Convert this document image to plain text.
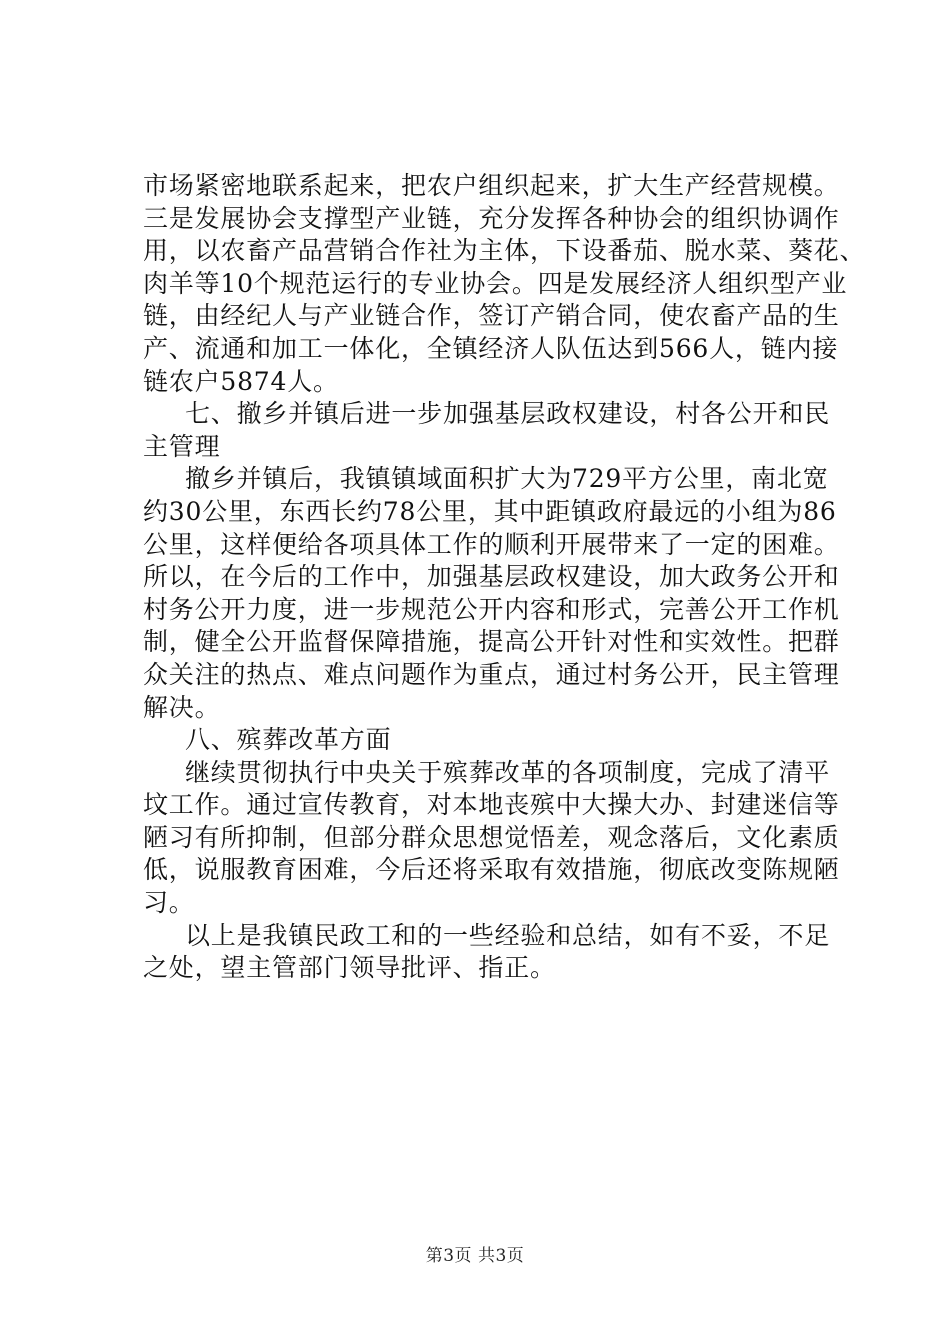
市场紧密地联系起来，把农户组织起来，扩大生产经营规模。
三是发展协会支撑型产业链，充分发挥各种协会的组织协调作
用，以农畜产品营销合作社为主体，下设番茄、脱水菜、葵花、
肉羊等10个规范运行的专业协会。四是发展经济人组织型产业
链，由经纪人与产业链合作，签订产销合同，使农畜产品的生
产、流通和加工一体化，全镇经济人队伍达到566人，链内接
链农户5874人。
七、撤乡并镇后进一步加强基层政权建设，村各公开和民
主管理
撤乡并镇后，我镇镇域面积扩大为729平方公里，南北宽
约30公里，东西长约78公里，其中距镇政府最远的小组为86
公里，这样便给各项具体工作的顺利开展带来了一定的困难。
所以，在今后的工作中，加强基层政权建设，加大政务公开和
村务公开力度，进一步规范公开内容和形式，完善公开工作机
制，健全公开监督保障措施，提高公开针对性和实效性。把群
众关注的热点、难点问题作为重点，通过村务公开，民主管理
解决。
八、殡葬改革方面
继续贯彻执行中央关于殡葬改革的各项制度，完成了清平
坟工作。通过宣传教育，对本地丧殡中大操大办、封建迷信等
陋习有所抑制，但部分群众思想觉悟差，观念落后，文化素质
低，说服教育困难，今后还将采取有效措施，彻底改变陈规陋
习。
以上是我镇民政工和的一些经验和总结，如有不妥，不足
之处，望主管部门领导批评、指正。
第3页 共3页
